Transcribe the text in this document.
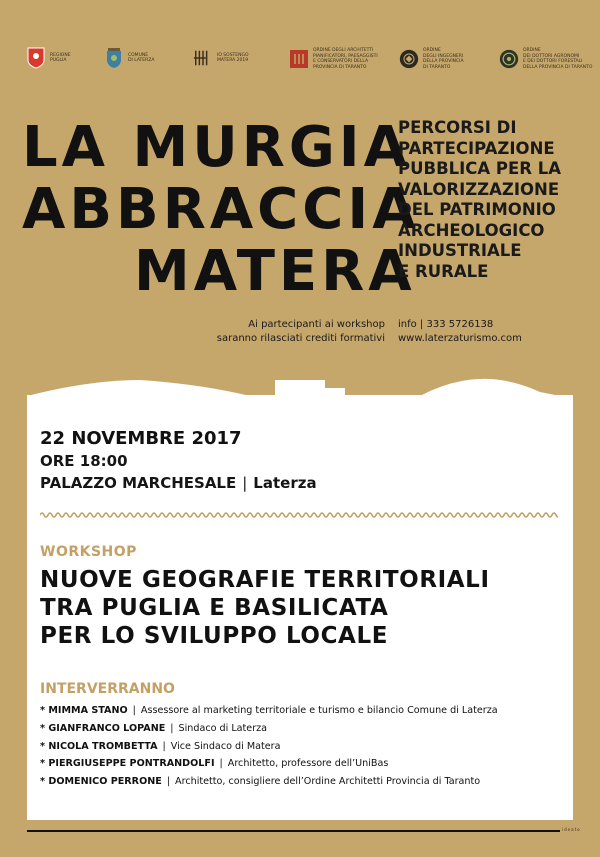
REGIONE
PUGLIA
COMUNE
DI LATERZA
IO SOSTENGO
MATERA 2019
ORDINE DEGLI ARCHITETTI
PIANIFICATORI, PAESAGGISTI
E CONSERVATORI DELLA
PROVINCIA DI TARANTO
ORDINE
DEGLI INGEGNERI
DELLA PROVINCIA
DI TARANTO
ORDINE
DEI DOTTORI AGRONOMI
E DEI DOTTORI FORESTALI
DELLA PROVINCIA DI TARANTO
LA MURGIA
ABBRACCIA
MATERA
PERCORSI DI
PARTECIPAZIONE
PUBBLICA PER LA
VALORIZZAZIONE
DEL PATRIMONIO
ARCHEOLOGICO
INDUSTRIALE
E RURALE
Ai partecipanti ai workshop
saranno rilasciati crediti formativi
info | 333 5726138
www.laterzaturismo.com
22 NOVEMBRE 2017
ORE 18:00
PALAZZO MARCHESALE | Laterza
WORKSHOP
NUOVE GEOGRAFIE TERRITORIALI
TRA PUGLIA E BASILICATA
PER LO SVILUPPO LOCALE
INTERVERRANNO
* MIMMA STANO | Assessore al marketing territoriale e turismo e bilancio Comune di Laterza
* GIANFRANCO LOPANE | Sindaco di Laterza
* NICOLA TROMBETTA | Vice Sindaco di Matera
* PIERGIUSEPPE PONTRANDOLFI | Architetto, professore dell’UniBas
* DOMENICO PERRONE | Architetto, consigliere dell’Ordine Architetti Provincia di Taranto
ideato
